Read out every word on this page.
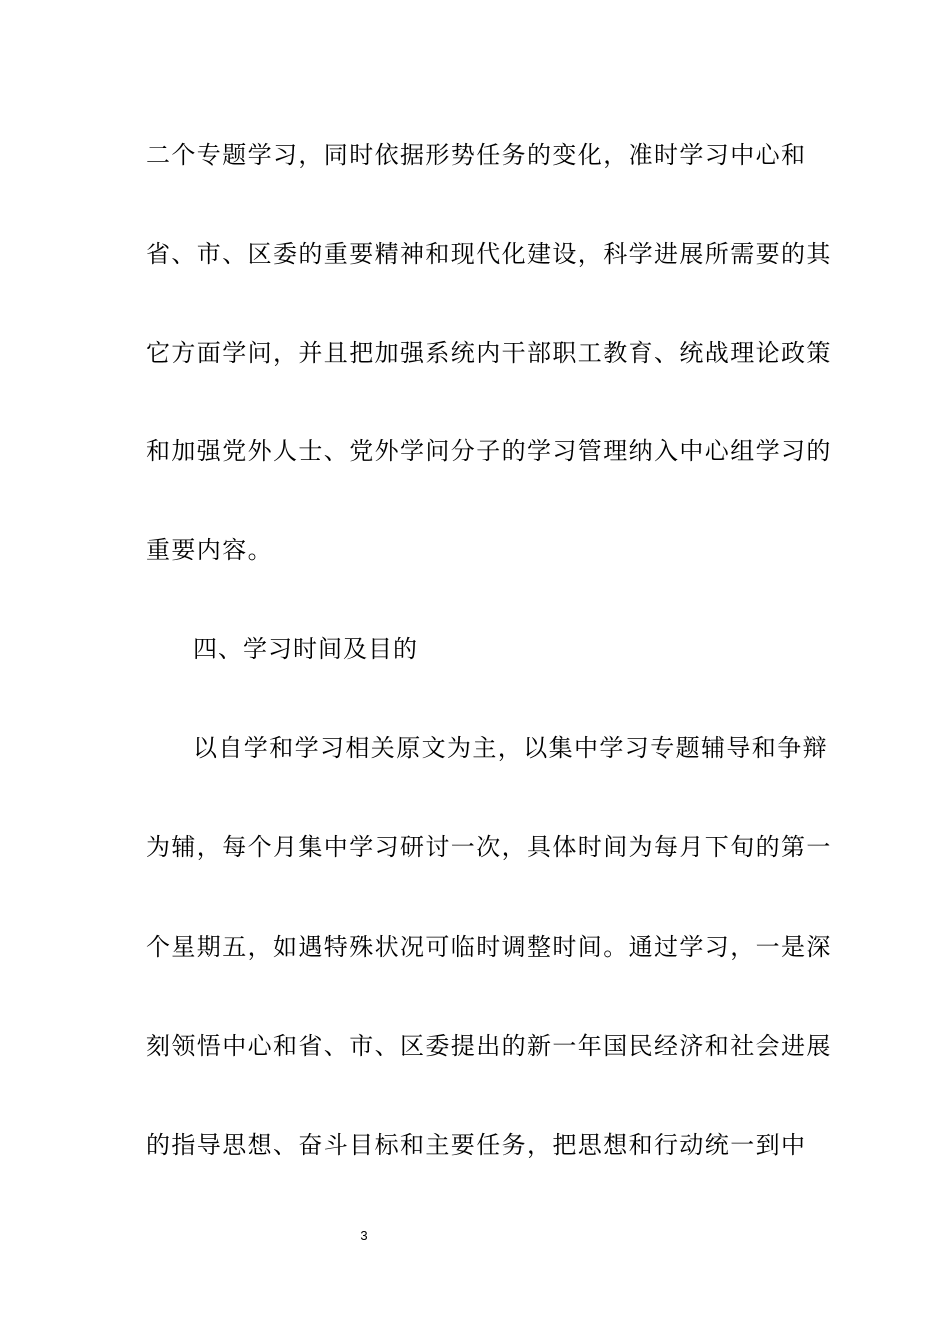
二个专题学习，同时依据形势任务的变化，准时学习中心和
省、市、区委的重要精神和现代化建设，科学进展所需要的其
它方面学问，并且把加强系统内干部职工教育、统战理论政策
和加强党外人士、党外学问分子的学习管理纳入中心组学习的
重要内容。
四、学习时间及目的
以自学和学习相关原文为主，以集中学习专题辅导和争辩
为辅，每个月集中学习研讨一次，具体时间为每月下旬的第一
个星期五，如遇特殊状况可临时调整时间。通过学习，一是深
刻领悟中心和省、市、区委提出的新一年国民经济和社会进展
的指导思想、奋斗目标和主要任务，把思想和行动统一到中
3
